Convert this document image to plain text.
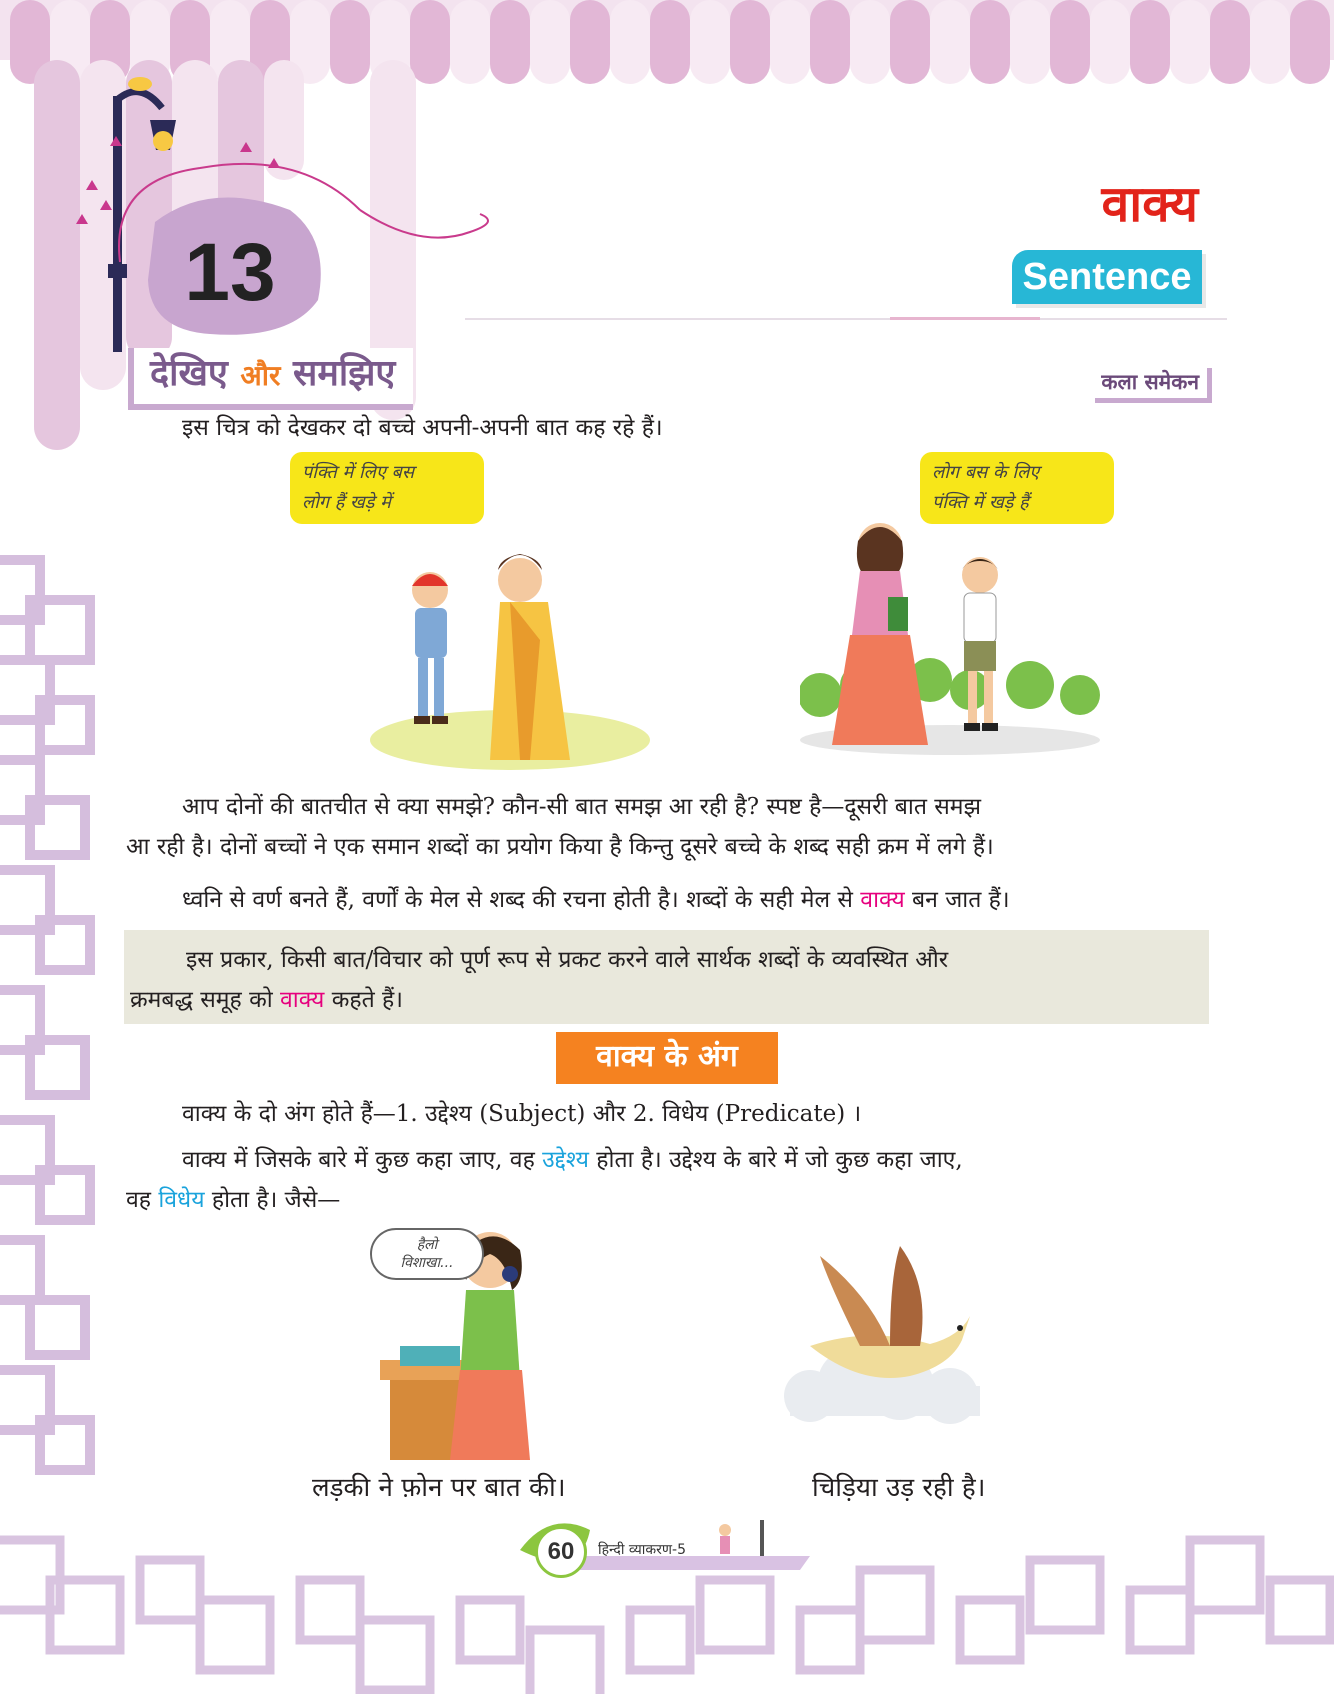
13
वाक्य
Sentence
देखिए और समझिए	कला समेकन
इस चित्र को देखकर दो बच्चे अपनी-अपनी बात कह रहे हैं।
पंक्ति में लिए बस
लोग हैं खड़े में
लोग बस के लिए
पंक्ति में खड़े हैं
आप दोनों की बातचीत से क्या समझे? कौन-सी बात समझ आ रही है? स्पष्ट है—दूसरी बात समझ
आ रही है। दोनों बच्चों ने एक समान शब्दों का प्रयोग किया है किन्तु दूसरे बच्चे के शब्द सही क्रम में लगे हैं।
ध्वनि से वर्ण बनते हैं, वर्णों के मेल से शब्द की रचना होती है। शब्दों के सही मेल से वाक्य बन जात हैं।
इस प्रकार, किसी बात/विचार को पूर्ण रूप से प्रकट करने वाले सार्थक शब्दों के व्यवस्थित और
क्रमबद्ध समूह को वाक्य कहते हैं।
वाक्य के अंग
वाक्य के दो अंग होते हैं—1. उद्देश्य (Subject) और 2. विधेय (Predicate) ।
वाक्य में जिसके बारे में कुछ कहा जाए, वह उद्देश्य होता है। उद्देश्य के बारे में जो कुछ कहा जाए,
वह विधेय होता है। जैसे—
हैलो
विशाखा...
लड़की ने फ़ोन पर बात की।	चिड़िया उड़ रही है।
60	हिन्दी व्याकरण-5
